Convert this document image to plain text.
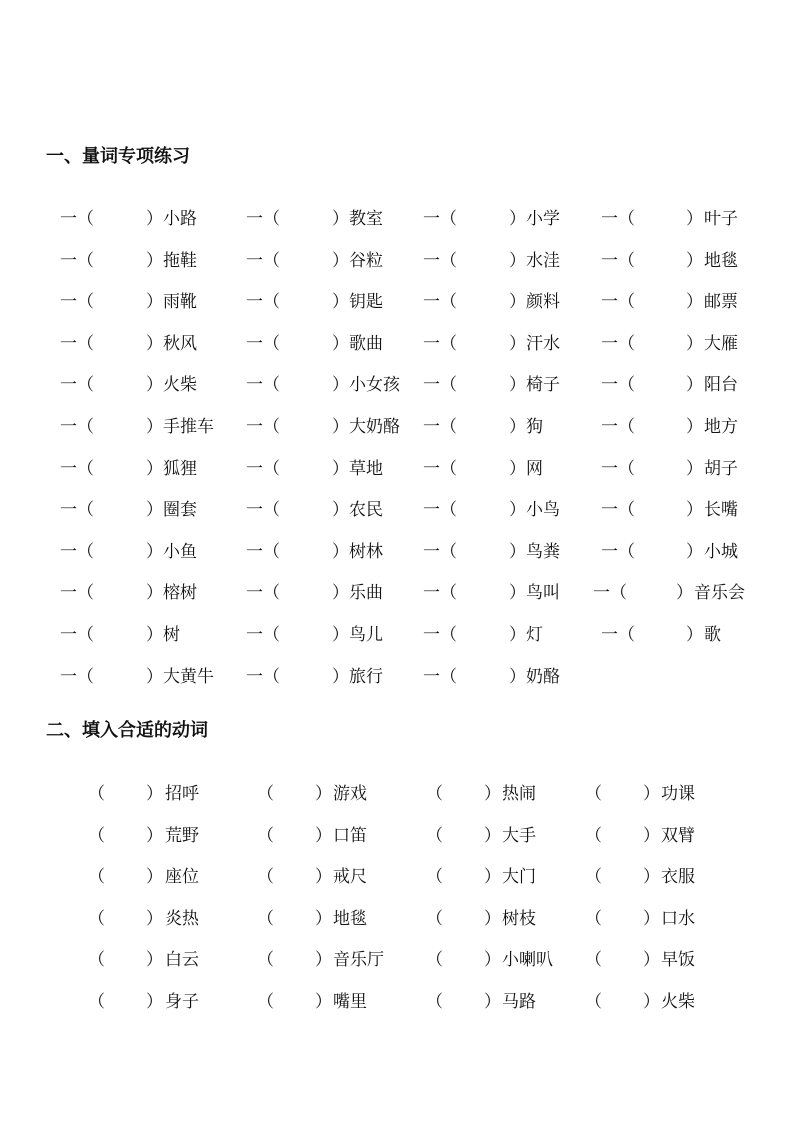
一、量词专项练习
一（	） 小路	一（	） 教室 一（	） 小学 一（	） 叶子
一（	） 拖鞋	一（	） 谷粒 一（	） 水洼 一（	） 地毯
一（	） 雨靴	一（	） 钥匙 一（	） 颜料 一（	） 邮票
一（	） 秋风	一（	） 歌曲 一（	） 汗水 一（	） 大雁
一（	） 火柴	一（	） 小女孩 一（	） 椅子 一（	） 阳台
一（	） 手推车 一（	） 大奶酪 一（	） 狗	一（	） 地方
一（	） 狐狸	一（	） 草地 一（	） 网	一（	） 胡子
一（	） 圈套	一（	） 农民 一（	） 小鸟 一（	） 长嘴
一（	） 小鱼	一（	） 树林 一（	） 鸟粪 一（	） 小城
一（	） 榕树	一（	） 乐曲 一（	） 鸟叫 一（	） 音乐会
一（	） 树	一（	） 鸟儿 一（	） 灯	一（	） 歌
一（	） 大黄牛 一（	） 旅行 一（	） 奶酪
二、填入合适的动词
（ ） 招呼	（ ） 游戏	（ ） 热闹	（ ） 功课
（ ） 荒野	（ ） 口笛	（ ） 大手	（ ） 双臂
（ ） 座位	（ ） 戒尺	（ ） 大门	（ ） 衣服
（ ） 炎热	（ ） 地毯	（ ） 树枝	（ ） 口水
（ ） 白云	（ ） 音乐厅 （ ） 小喇叭 （ ） 早饭
（ ） 身子	（ ） 嘴里	（ ） 马路	（ ） 火柴
